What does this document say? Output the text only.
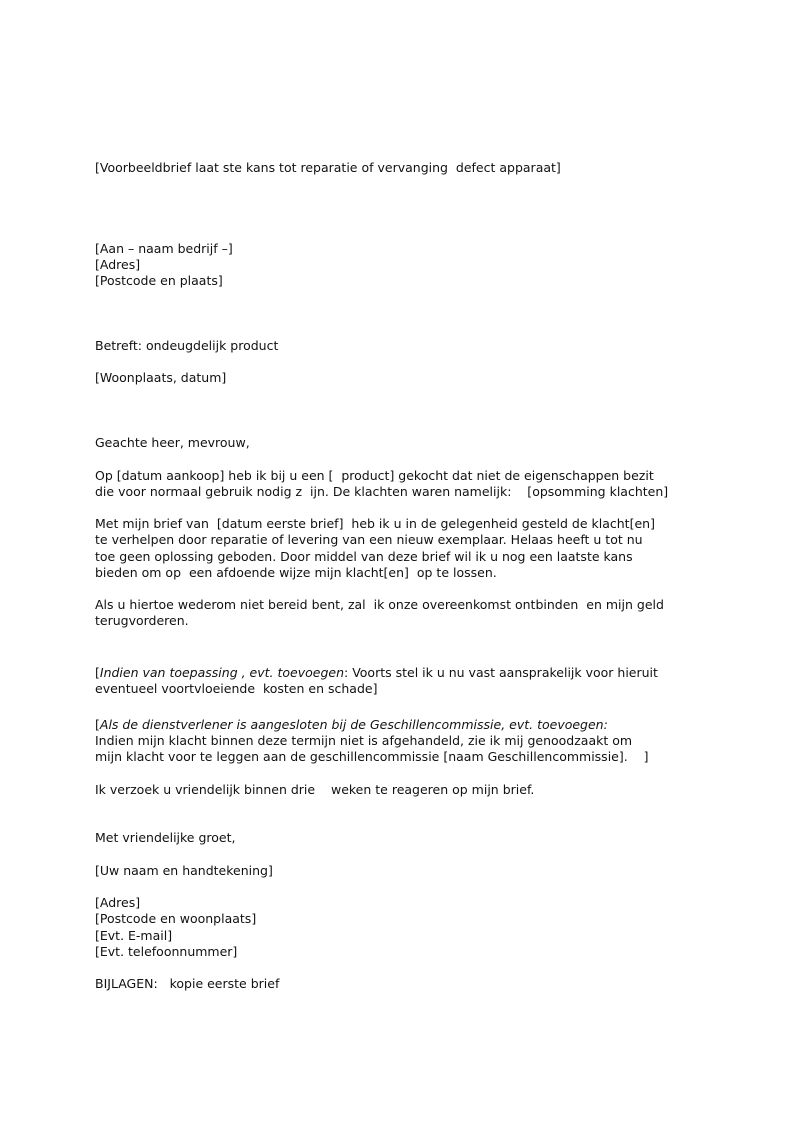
[Voorbeeldbrief laat ste kans tot reparatie of vervanging  defect apparaat]

[Aan – naam bedrijf –]

[Adres]

[Postcode en plaats]

Betreft: ondeugdelijk product

[Woonplaats, datum]

Geachte heer, mevrouw,

Op [datum aankoop] heb ik bij u een [  product] gekocht dat niet de eigenschappen bezit

die voor normaal gebruik nodig z  ijn. De klachten waren namelijk:    [opsomming klachten]

Met mijn brief van  [datum eerste brief]  heb ik u in de gelegenheid gesteld de klacht[en]

te verhelpen door reparatie of levering van een nieuw exemplaar. Helaas heeft u tot nu

toe geen oplossing geboden. Door middel van deze brief wil ik u nog een laatste kans

bieden om op  een afdoende wijze mijn klacht[en]  op te lossen.

Als u hiertoe wederom niet bereid bent, zal  ik onze overeenkomst ontbinden  en mijn geld

terugvorderen.

[Indien van toepassing , evt. toevoegen: Voorts stel ik u nu vast aansprakelijk voor hieruit

eventueel voortvloeiende  kosten en schade]

[Als de dienstverlener is aangesloten bij de Geschillencommissie, evt. toevoegen:

Indien mijn klacht binnen deze termijn niet is afgehandeld, zie ik mij genoodzaakt om

mijn klacht voor te leggen aan de geschillencommissie [naam Geschillencommissie].    ]

Ik verzoek u vriendelijk binnen drie    weken te reageren op mijn brief.

Met vriendelijke groet,

[Uw naam en handtekening]

[Adres]

[Postcode en woonplaats]

[Evt. E-mail]

[Evt. telefoonnummer]

BIJLAGEN:   kopie eerste brief
